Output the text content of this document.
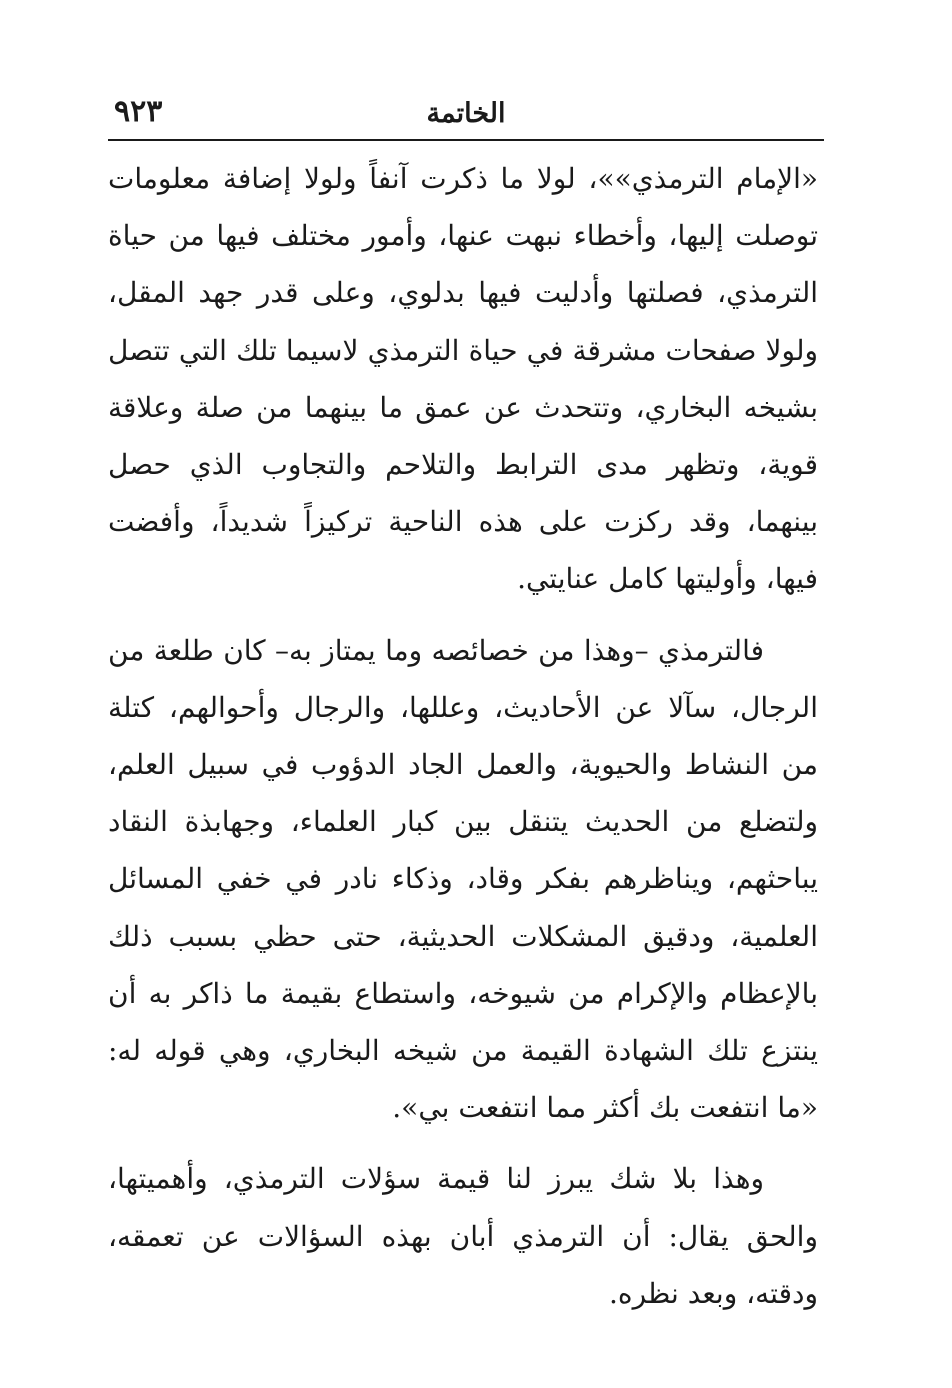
٩٢٣	الخاتمة

«الإمام الترمذي»»، لولا ما ذكرت آنفاً ولولا إضافة معلومات توصلت إليها، وأخطاء نبهت عنها، وأمور مختلف فيها من حياة الترمذي، فصلتها وأدليت فيها بدلوي، وعلى قدر جهد المقل، ولولا صفحات مشرقة في حياة الترمذي لاسيما تلك التي تتصل بشيخه البخاري، وتتحدث عن عمق ما بينهما من صلة وعلاقة قوية، وتظهر مدى الترابط والتلاحم والتجاوب الذي حصل بينهما، وقد ركزت على هذه الناحية تركيزاً شديداً، وأفضت فيها، وأوليتها كامل عنايتي.

فالترمذي –وهذا من خصائصه وما يمتاز به– كان طلعة من الرجال، سآلا عن الأحاديث، وعللها، والرجال وأحوالهم، كتلة من النشاط والحيوية، والعمل الجاد الدؤوب في سبيل العلم، ولتضلع من الحديث يتنقل بين كبار العلماء، وجهابذة النقاد يباحثهم، ويناظرهم بفكر وقاد، وذكاء نادر في خفي المسائل العلمية، ودقيق المشكلات الحديثية، حتى حظي بسبب ذلك بالإعظام والإكرام من شيوخه، واستطاع بقيمة ما ذاكر به أن ينتزع تلك الشهادة القيمة من شيخه البخاري، وهي قوله له: «ما انتفعت بك أكثر مما انتفعت بي».

وهذا بلا شك يبرز لنا قيمة سؤلات الترمذي، وأهميتها، والحق يقال: أن الترمذي أبان بهذه السؤالات عن تعمقه، ودقته، وبعد نظره.
